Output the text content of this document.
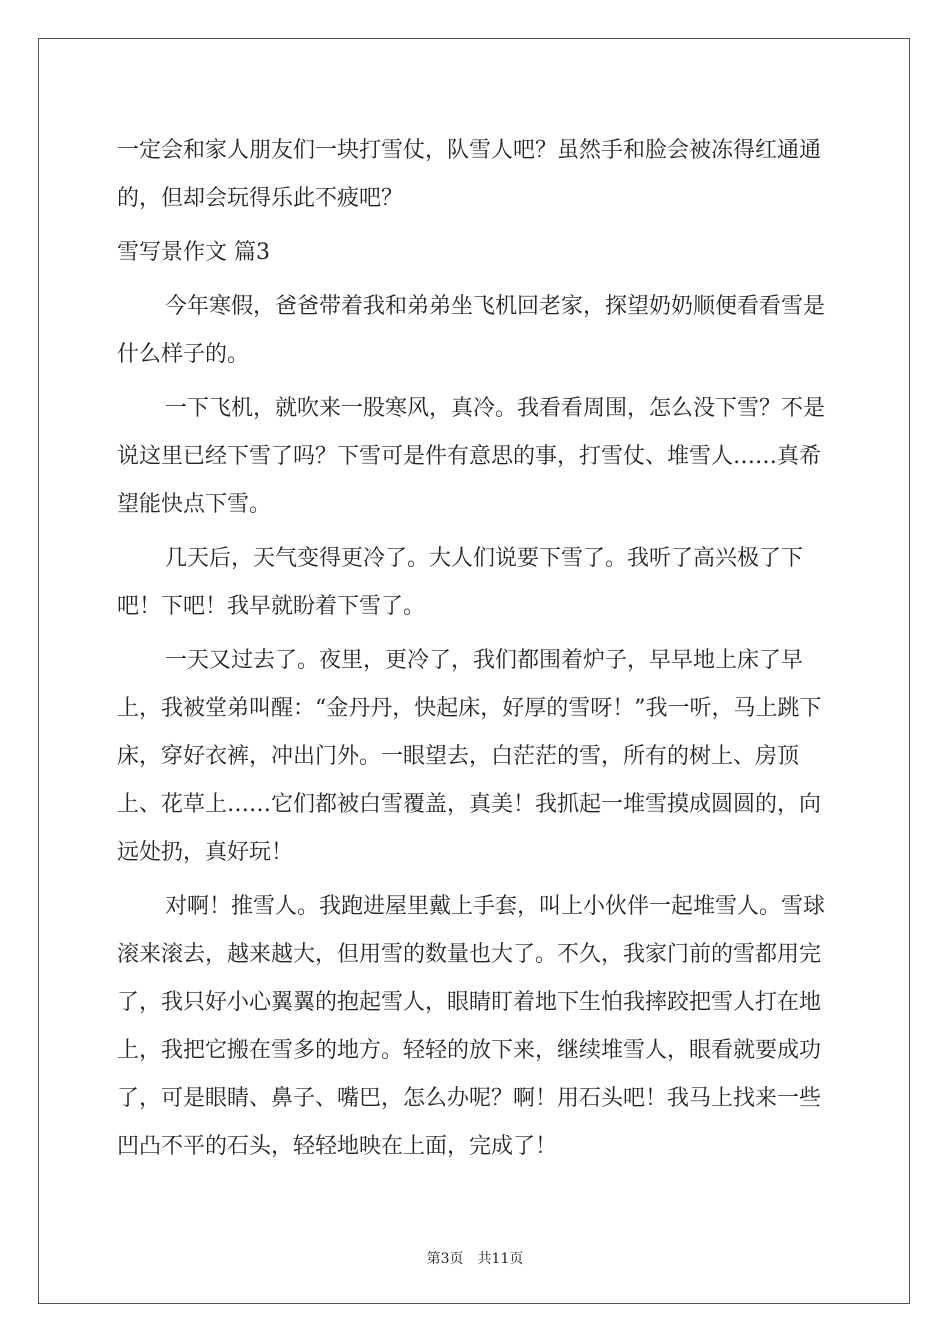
一定会和家人朋友们一块打雪仗，队雪人吧？虽然手和脸会被冻得红通通的，但却会玩得乐此不疲吧？

雪写景作文 篇3

今年寒假，爸爸带着我和弟弟坐飞机回老家，探望奶奶顺便看看雪是什么样子的。

一下飞机，就吹来一股寒风，真冷。我看看周围，怎么没下雪？不是说这里已经下雪了吗？下雪可是件有意思的事，打雪仗、堆雪人……真希望能快点下雪。

几天后，天气变得更冷了。大人们说要下雪了。我听了高兴极了下吧！下吧！我早就盼着下雪了。

一天又过去了。夜里，更冷了，我们都围着炉子，早早地上床了早上，我被堂弟叫醒：“金丹丹，快起床，好厚的雪呀！”我一听，马上跳下床，穿好衣裤，冲出门外。一眼望去，白茫茫的雪，所有的树上、房顶上、花草上……它们都被白雪覆盖，真美！我抓起一堆雪摸成圆圆的，向远处扔，真好玩！

对啊！推雪人。我跑进屋里戴上手套，叫上小伙伴一起堆雪人。雪球滚来滚去，越来越大，但用雪的数量也大了。不久，我家门前的雪都用完了，我只好小心翼翼的抱起雪人，眼睛盯着地下生怕我摔跤把雪人打在地上，我把它搬在雪多的地方。轻轻的放下来，继续堆雪人，眼看就要成功了，可是眼睛、鼻子、嘴巴，怎么办呢？啊！用石头吧！我马上找来一些凹凸不平的石头，轻轻地映在上面，完成了！

第3页　共11页
